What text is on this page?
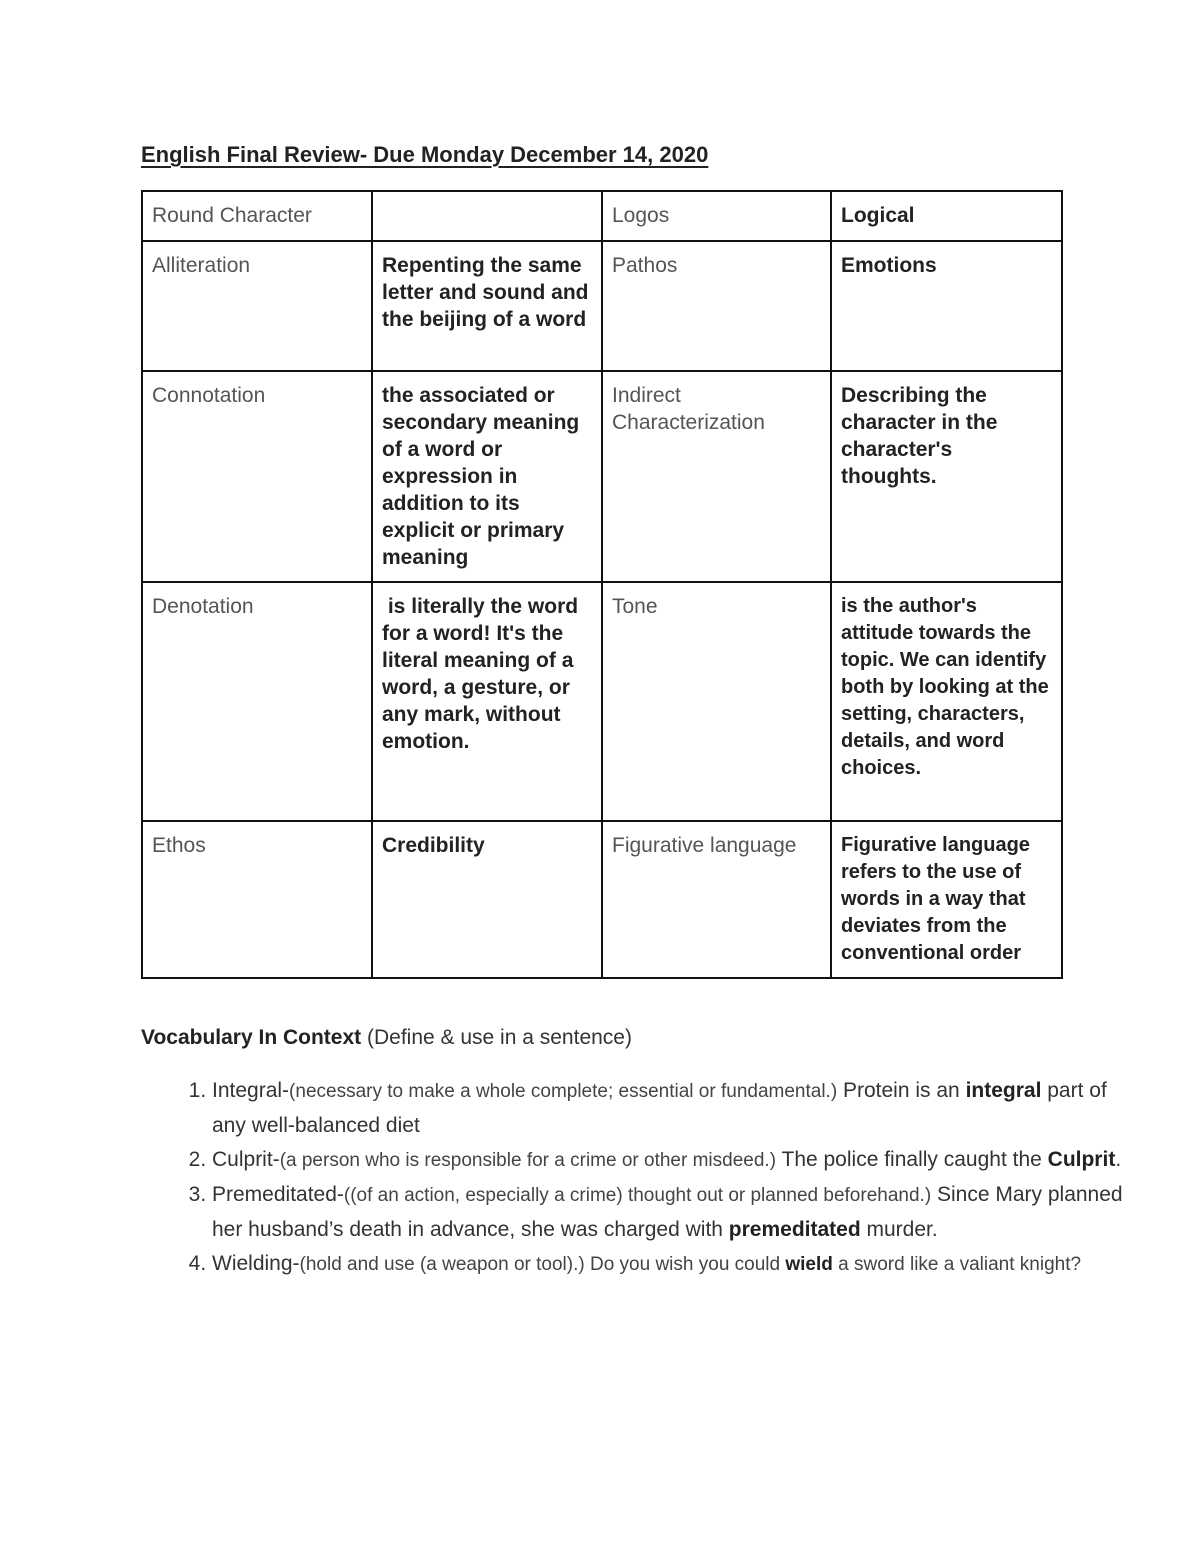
English Final Review- Due Monday December 14, 2020
Round Character		Logos	Logical
Alliteration	Repenting the same letter and sound and the beijing of a word	Pathos	Emotions
Connotation	the associated or secondary meaning of a word or expression in addition to its explicit or primary meaning	Indirect Characterization	Describing the character in the character's thoughts.
Denotation	is literally the word for a word! It's the literal meaning of a word, a gesture, or any mark, without emotion.	Tone	is the author's attitude towards the topic. We can identify both by looking at the setting, characters, details, and word choices.
Ethos	Credibility	Figurative language	Figurative language refers to the use of words in a way that deviates from the conventional order
Vocabulary In Context (Define & use in a sentence)
1. Integral-(necessary to make a whole complete; essential or fundamental.) Protein is an integral part of any well-balanced diet
2. Culprit-(a person who is responsible for a crime or other misdeed.) The police finally caught the Culprit.
3. Premeditated-((of an action, especially a crime) thought out or planned beforehand.) Since Mary planned her husband’s death in advance, she was charged with premeditated murder.
4. Wielding-(hold and use (a weapon or tool).) Do you wish you could wield a sword like a valiant knight?
